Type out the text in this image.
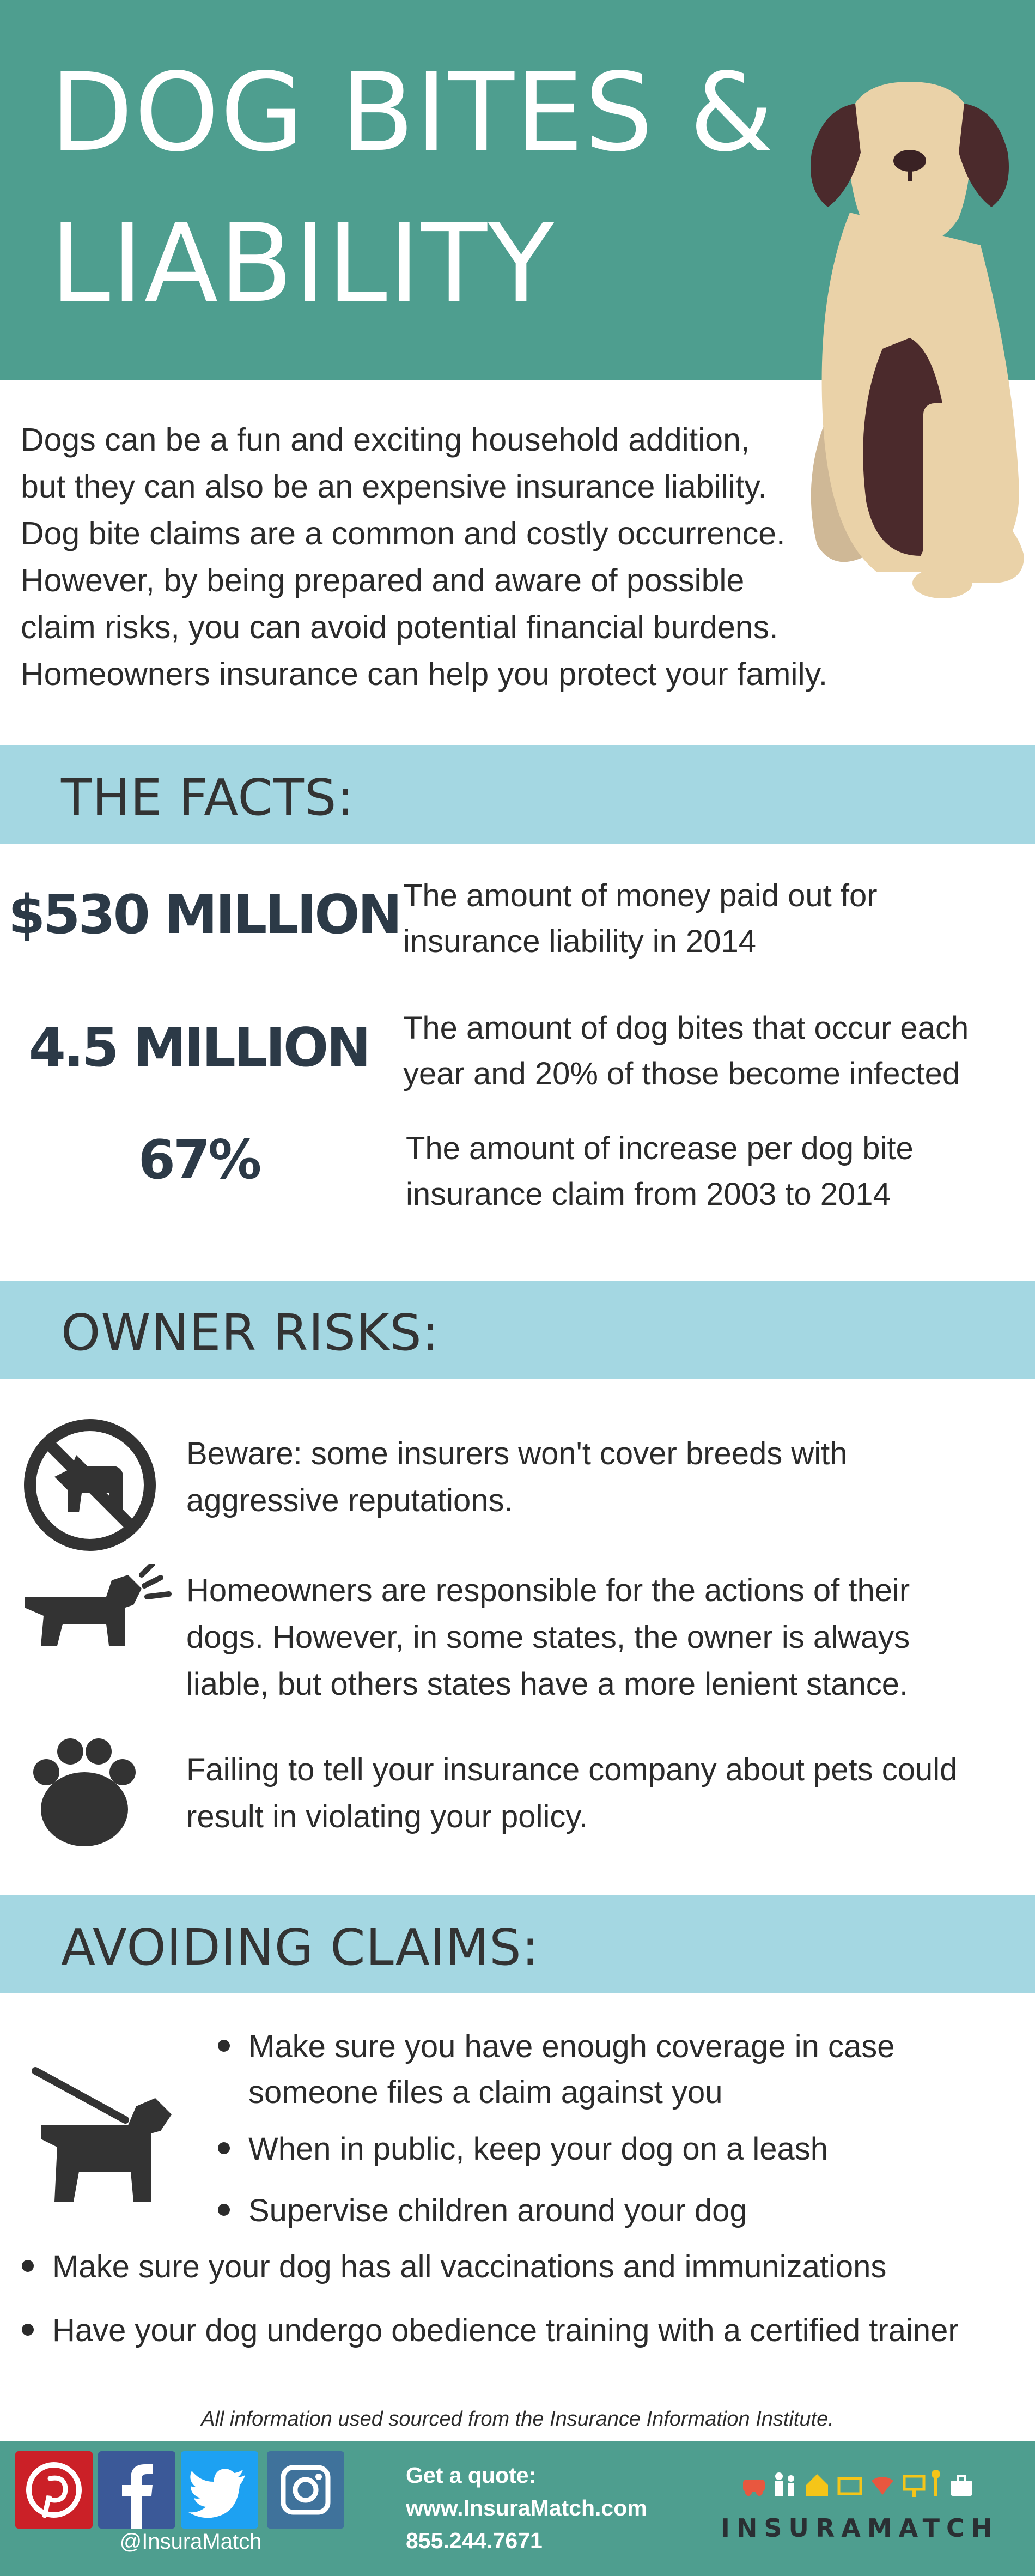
DOG BITES &
LIABILITY
Dogs can be a fun and exciting household addition,
but they can also be an expensive insurance liability.
Dog bite claims are a common and costly occurrence.
However, by being prepared and aware of possible
claim risks, you can avoid potential financial burdens.
Homeowners insurance can help you protect your family.
THE FACTS:
$530 MILLION The amount of money paid out for
insurance liability in 2014
4.5 MILLION	The amount of dog bites that occur each
year and 20% of those become infected
67%	The amount of increase per dog bite
insurance claim from 2003 to 2014
OWNER RISKS:
Beware: some insurers won't cover breeds with
aggressive reputations.
Homeowners are responsible for the actions of their
dogs. However, in some states, the owner is always
liable, but others states have a more lenient stance.
Failing to tell your insurance company about pets could
result in violating your policy.
AVOIDING CLAIMS:
Make sure you have enough coverage in case
someone files a claim against you
When in public, keep your dog on a leash
Supervise children around your dog
Make sure your dog has all vaccinations and immunizations
Have your dog undergo obedience training with a certified trainer
All information used sourced from the Insurance Information Institute.
@InsuraMatch
Get a quote:
www.InsuraMatch.com
855.244.7671	INSURAMATCH
